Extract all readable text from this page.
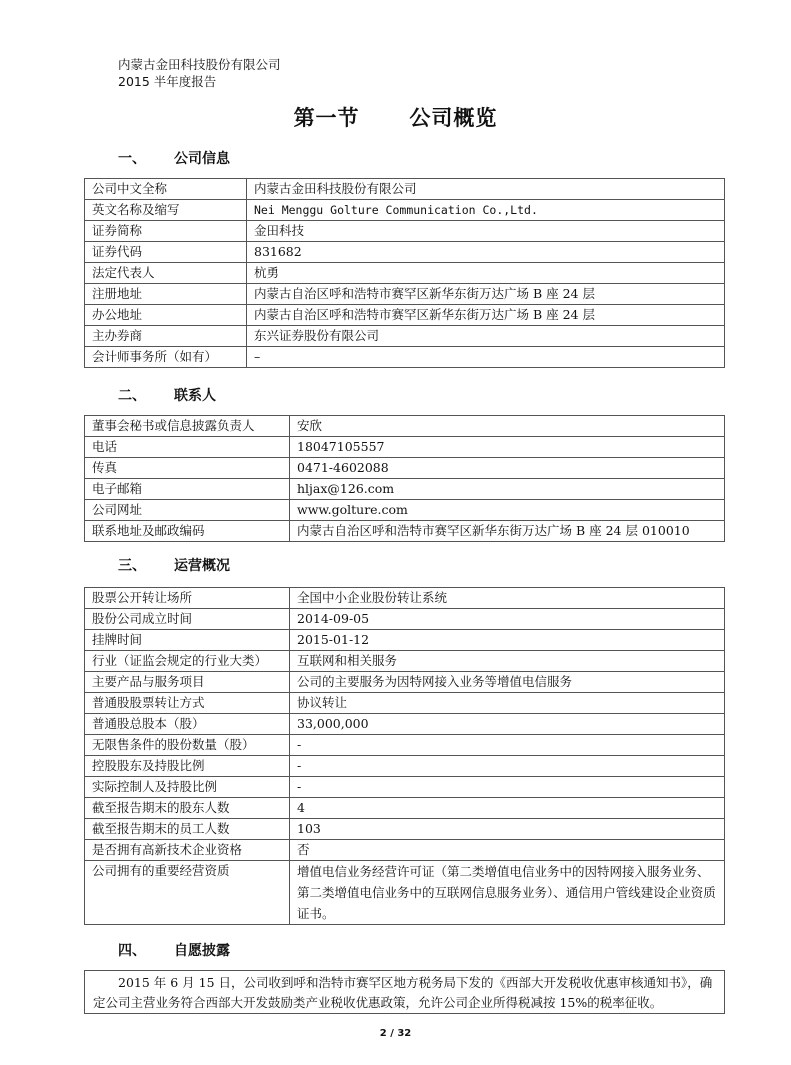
内蒙古金田科技股份有限公司
2015 半年度报告
第一节      公司概览
一、 公司信息
公司中文全称	内蒙古金田科技股份有限公司
英文名称及缩写	Nei Menggu Golture Communication Co.,Ltd.
证券简称	金田科技
证券代码	831682
法定代表人	杭勇
注册地址	内蒙古自治区呼和浩特市赛罕区新华东街万达广场 B 座 24 层
办公地址	内蒙古自治区呼和浩特市赛罕区新华东街万达广场 B 座 24 层
主办券商	东兴证券股份有限公司
会计师事务所（如有）	–
二、 联系人
董事会秘书或信息披露负责人	安欣
电话	18047105557
传真	0471-4602088
电子邮箱	hljax@126.com
公司网址	www.golture.com
联系地址及邮政编码	内蒙古自治区呼和浩特市赛罕区新华东街万达广场 B 座 24 层 010010
三、 运营概况
股票公开转让场所	全国中小企业股份转让系统
股份公司成立时间	2014-09-05
挂牌时间	2015-01-12
行业（证监会规定的行业大类）	互联网和相关服务
主要产品与服务项目	公司的主要服务为因特网接入业务等增值电信服务
普通股股票转让方式	协议转让
普通股总股本（股）	33,000,000
无限售条件的股份数量（股）	-
控股股东及持股比例	-
实际控制人及持股比例	-
截至报告期末的股东人数	4
截至报告期末的员工人数	103
是否拥有高新技术企业资格	否
公司拥有的重要经营资质	增值电信业务经营许可证（第二类增值电信业务中的因特网接入服务业务、第二类增值电信业务中的互联网信息服务业务）、通信用户管线建设企业资质证书。
四、 自愿披露
2015 年 6 月 15 日，公司收到呼和浩特市赛罕区地方税务局下发的《西部大开发税收优惠审核通知书》，确定公司主营业务符合西部大开发鼓励类产业税收优惠政策，允许公司企业所得税减按 15%的税率征收。
2 / 32
